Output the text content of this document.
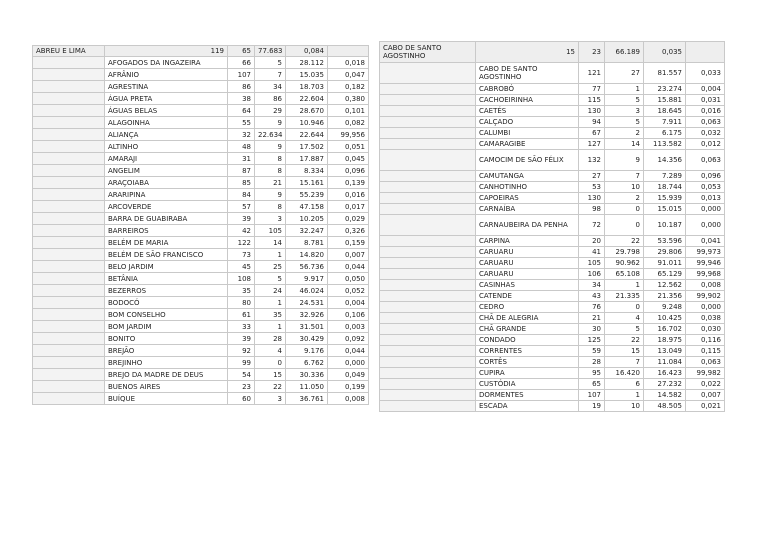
ABREU E LIMA	119	65	77.683	0,084	
	AFOGADOS DA INGAZEIRA	66	5	28.112	0,018
	AFRÂNIO	107	7	15.035	0,047
	AGRESTINA	86	34	18.703	0,182
	ÁGUA PRETA	38	86	22.604	0,380
	ÁGUAS BELAS	64	29	28.670	0,101
	ALAGOINHA	55	9	10.946	0,082
	ALIANÇA	32	22.634	22.644	99,956
	ALTINHO	48	9	17.502	0,051
	AMARAJI	31	8	17.887	0,045
	ANGELIM	87	8	8.334	0,096
	ARAÇOIABA	85	21	15.161	0,139
	ARARIPINA	84	9	55.239	0,016
	ARCOVERDE	57	8	47.158	0,017
	BARRA DE GUABIRABA	39	3	10.205	0,029
	BARREIROS	42	105	32.247	0,326
	BELÉM DE MARIA	122	14	8.781	0,159
	BELÉM DE SÃO FRANCISCO	73	1	14.820	0,007
	BELO JARDIM	45	25	56.736	0,044
	BETÂNIA	108	5	9.917	0,050
	BEZERROS	35	24	46.024	0,052
	BODOCÓ	80	1	24.531	0,004
	BOM CONSELHO	61	35	32.926	0,106
	BOM JARDIM	33	1	31.501	0,003
	BONITO	39	28	30.429	0,092
	BREJÃO	92	4	9.176	0,044
	BREJINHO	99	0	6.762	0,000
	BREJO DA MADRE DE DEUS	54	15	30.336	0,049
	BUENOS AIRES	23	22	11.050	0,199
	BUÍQUE	60	3	36.761	0,008
CABO DE SANTO AGOSTINHO	15	23	66.189	0,035	
	CABO DE SANTO AGOSTINHO	121	27	81.557	0,033
	CABROBÓ	77	1	23.274	0,004
	CACHOEIRINHA	115	5	15.881	0,031
	CAETÉS	130	3	18.645	0,016
	CALÇADO	94	5	7.911	0,063
	CALUMBI	67	2	6.175	0,032
	CAMARAGIBE	127	14	113.582	0,012
	CAMOCIM DE SÃO FÉLIX	132	9	14.356	0,063
	CAMUTANGA	27	7	7.289	0,096
	CANHOTINHO	53	10	18.744	0,053
	CAPOEIRAS	130	2	15.939	0,013
	CARNAÍBA	98	0	15.015	0,000
	CARNAUBEIRA DA PENHA	72	0	10.187	0,000
	CARPINA	20	22	53.596	0,041
	CARUARU	41	29.798	29.806	99,973
	CARUARU	105	90.962	91.011	99,946
	CARUARU	106	65.108	65.129	99,968
	CASINHAS	34	1	12.562	0,008
	CATENDE	43	21.335	21.356	99,902
	CEDRO	76	0	9.248	0,000
	CHÃ DE ALEGRIA	21	4	10.425	0,038
	CHÃ GRANDE	30	5	16.702	0,030
	CONDADO	125	22	18.975	0,116
	CORRENTES	59	15	13.049	0,115
	CORTÊS	28	7	11.084	0,063
	CUPIRA	95	16.420	16.423	99,982
	CUSTÓDIA	65	6	27.232	0,022
	DORMENTES	107	1	14.582	0,007
	ESCADA	19	10	48.505	0,021
